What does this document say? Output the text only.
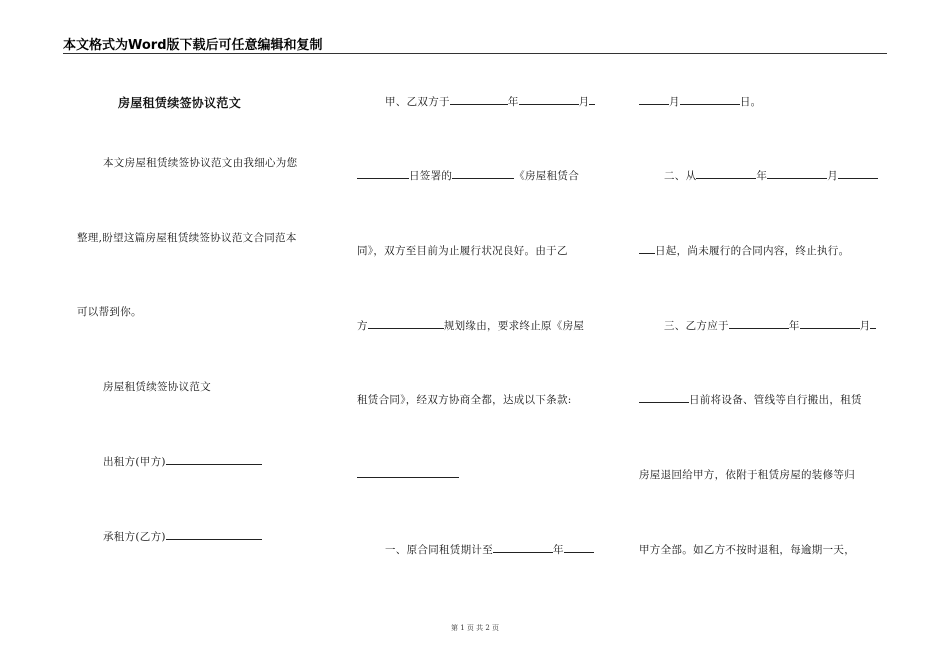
本文格式为Word版下载后可任意编辑和复制
房屋租赁续签协议范文
本文房屋租赁续签协议范文由我细心为您
整理,盼望这篇房屋租赁续签协议范文合同范本
可以帮到你。
房屋租赁续签协议范文
出租方(甲方)
承租方(乙方)
甲、乙双方于	年	月
日签署的	《房屋租赁合
同》，双方至目前为止履行状况良好。由于乙
方	规划缘由，要求终止原《房屋
租赁合同》，经双方协商全都，达成以下条款:
一、原合同租赁期计至	年
月	日。
二、从	年	月
日起，尚未履行的合同内容，终止执行。
三、乙方应于	年	月
日前将设备、管线等自行搬出，租赁
房屋退回给甲方，依附于租赁房屋的装修等归
甲方全部。如乙方不按时退租，每逾期一天，
第 1 页 共 2 页
